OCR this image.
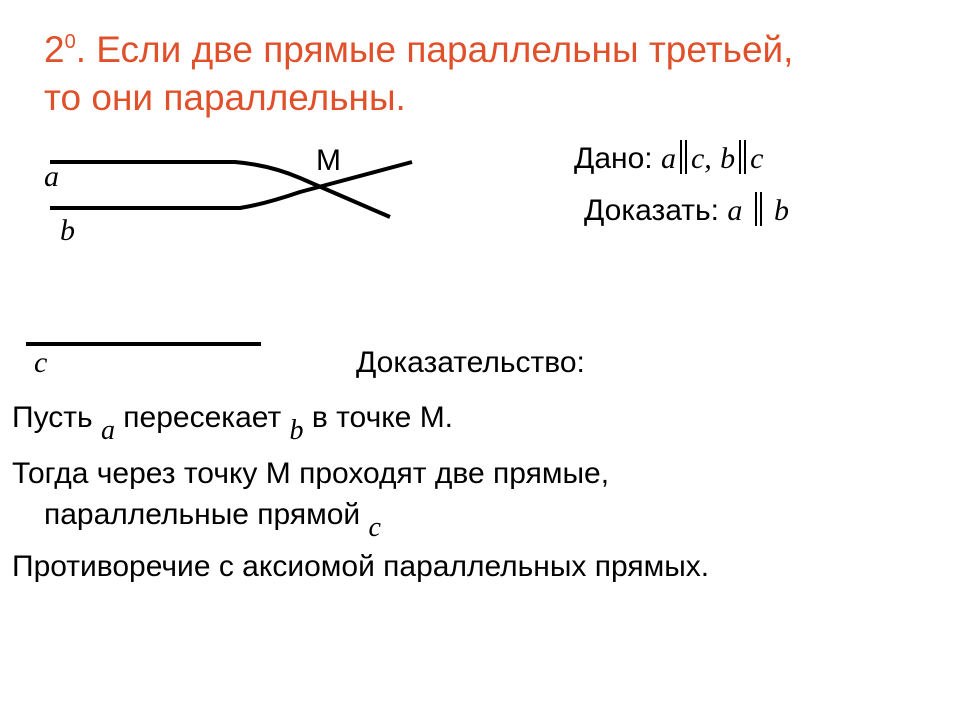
$2^0$. Если две прямые параллельны третьей,
то они параллельны.
a
b
c
M	Дано: a c, b c
Доказать: a b
Доказательство:
Пусть a пересекает b в точке М.
Тогда через точку М проходят две прямые,
параллельные прямой c
Противоречие с аксиомой параллельных прямых.
